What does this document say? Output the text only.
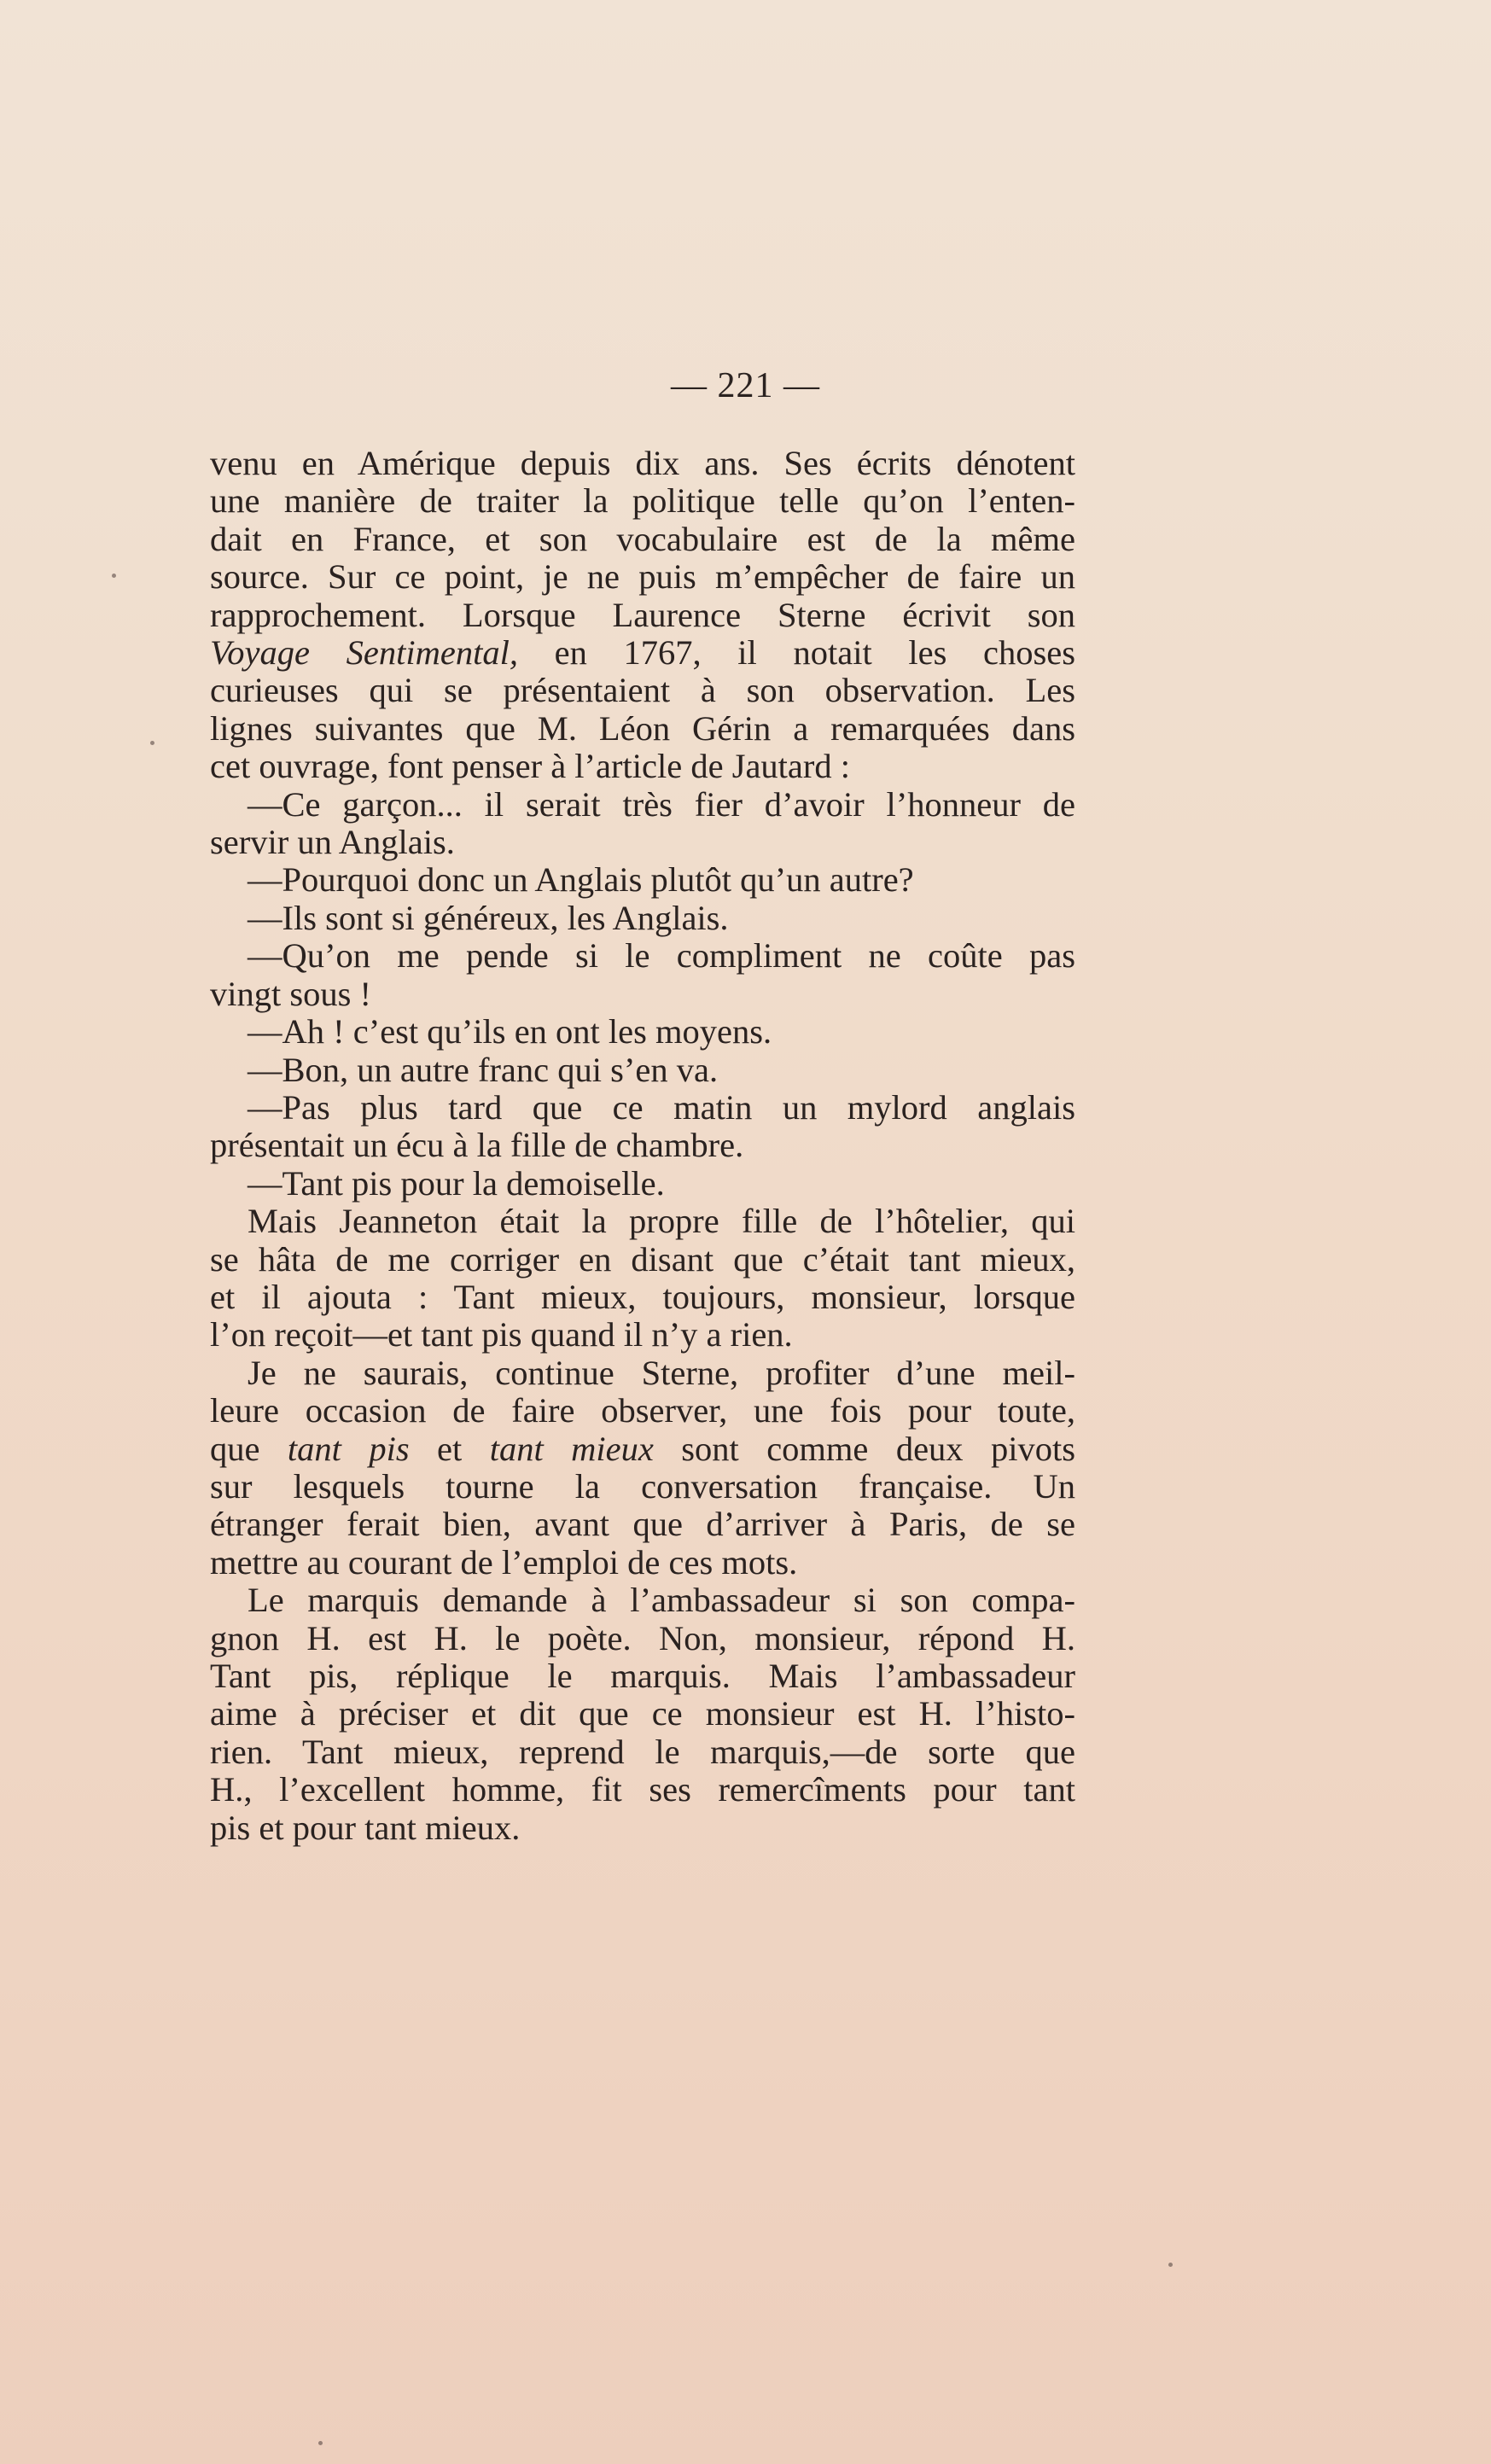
— 221 —
venu en Amérique depuis dix ans. Ses écrits dénotent
une manière de traiter la politique telle qu’on l’enten-
dait en France, et son vocabulaire est de la même
source. Sur ce point, je ne puis m’empêcher de faire un
rapprochement. Lorsque Laurence Sterne écrivit son
Voyage Sentimental, en 1767, il notait les choses
curieuses qui se présentaient à son observation. Les
lignes suivantes que M. Léon Gérin a remarquées dans
cet ouvrage, font penser à l’article de Jautard :
—Ce garçon... il serait très fier d’avoir l’honneur de
servir un Anglais.
—Pourquoi donc un Anglais plutôt qu’un autre?
—Ils sont si généreux, les Anglais.
—Qu’on me pende si le compliment ne coûte pas
vingt sous !
—Ah ! c’est qu’ils en ont les moyens.
—Bon, un autre franc qui s’en va.
—Pas plus tard que ce matin un mylord anglais
présentait un écu à la fille de chambre.
—Tant pis pour la demoiselle.
Mais Jeanneton était la propre fille de l’hôtelier, qui
se hâta de me corriger en disant que c’était tant mieux,
et il ajouta : Tant mieux, toujours, monsieur, lorsque
l’on reçoit—et tant pis quand il n’y a rien.
Je ne saurais, continue Sterne, profiter d’une meil-
leure occasion de faire observer, une fois pour toute,
que tant pis et tant mieux sont comme deux pivots
sur lesquels tourne la conversation française. Un
étranger ferait bien, avant que d’arriver à Paris, de se
mettre au courant de l’emploi de ces mots.
Le marquis demande à l’ambassadeur si son compa-
gnon H. est H. le poète. Non, monsieur, répond H.
Tant pis, réplique le marquis. Mais l’ambassadeur
aime à préciser et dit que ce monsieur est H. l’histo-
rien. Tant mieux, reprend le marquis,—de sorte que
H., l’excellent homme, fit ses remercîments pour tant
pis et pour tant mieux.
